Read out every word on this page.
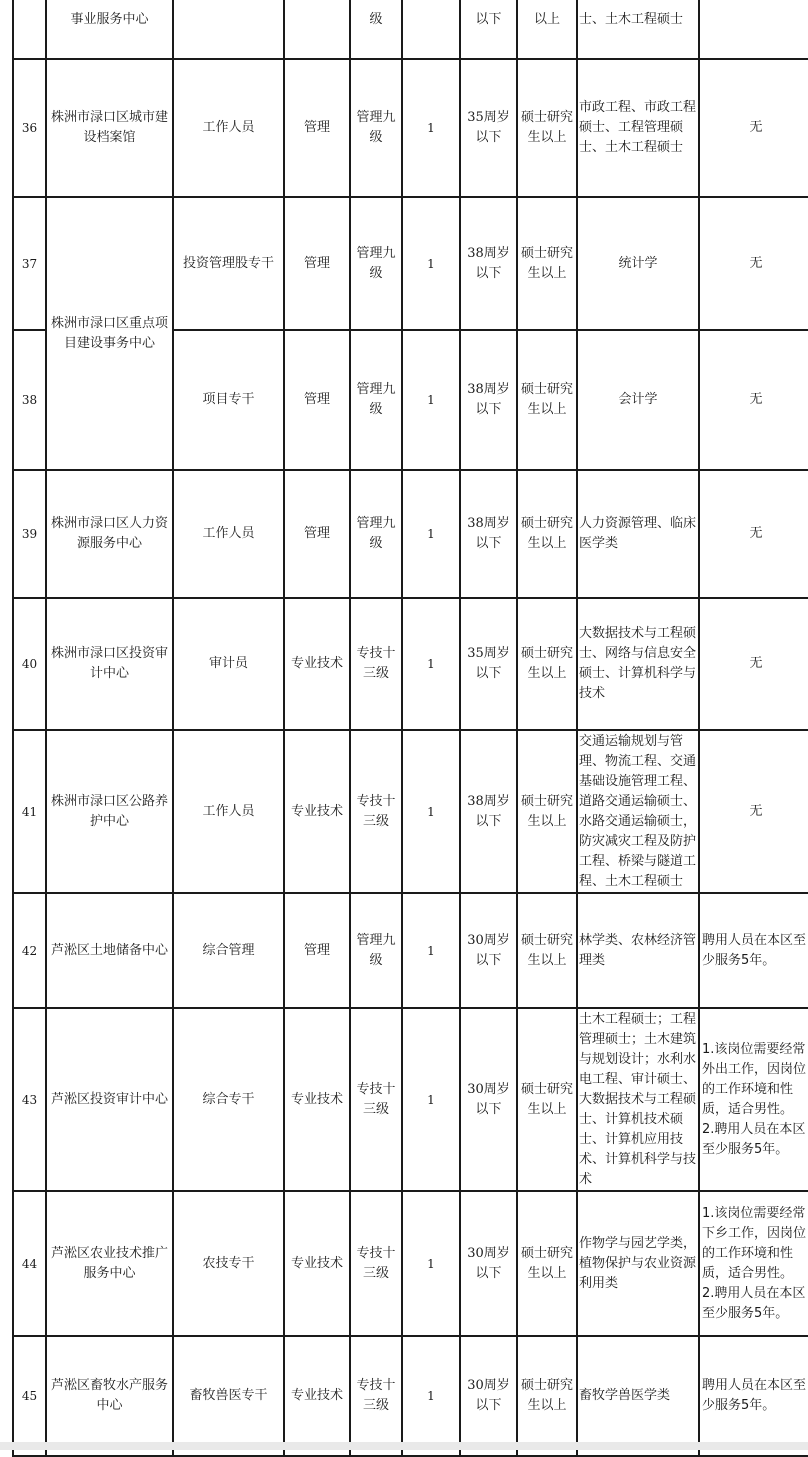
	事业服务中心			级		以下	以上	士、土木工程硕士	
36	株洲市渌口区城市建设档案馆	工作人员	管理	管理九级	1	35周岁以下	硕士研究生以上	市政工程、市政工程硕士、工程管理硕士、土木工程硕士	无
37	株洲市渌口区重点项目建设事务中心	投资管理股专干	管理	管理九级	1	38周岁以下	硕士研究生以上	统计学	无
38		项目专干	管理	管理九级	1	38周岁以下	硕士研究生以上	会计学	无
39	株洲市渌口区人力资源服务中心	工作人员	管理	管理九级	1	38周岁以下	硕士研究生以上	人力资源管理、临床医学类	无
40	株洲市渌口区投资审计中心	审计员	专业技术	专技十三级	1	35周岁以下	硕士研究生以上	大数据技术与工程硕士、网络与信息安全硕士、计算机科学与技术	无
41	株洲市渌口区公路养护中心	工作人员	专业技术	专技十三级	1	38周岁以下	硕士研究生以上	交通运输规划与管理、物流工程、交通基础设施管理工程、道路交通运输硕士、水路交通运输硕士，防灾减灾工程及防护工程、桥梁与隧道工程、土木工程硕士	无
42	芦淞区土地储备中心	综合管理	管理	管理九级	1	30周岁以下	硕士研究生以上	林学类、农林经济管理类	聘用人员在本区至少服务5年。
43	芦淞区投资审计中心	综合专干	专业技术	专技十三级	1	30周岁以下	硕士研究生以上	土木工程硕士；工程管理硕士；土木建筑与规划设计；水利水电工程、审计硕士、大数据技术与工程硕士、计算机技术硕士、计算机应用技术、计算机科学与技术	1.该岗位需要经常外出工作，因岗位的工作环境和性质，适合男性。
2.聘用人员在本区至少服务5年。
44	芦淞区农业技术推广服务中心	农技专干	专业技术	专技十三级	1	30周岁以下	硕士研究生以上	作物学与园艺学类，植物保护与农业资源利用类	1.该岗位需要经常下乡工作，因岗位的工作环境和性质，适合男性。
2.聘用人员在本区至少服务5年。
45	芦淞区畜牧水产服务中心	畜牧兽医专干	专业技术	专技十三级	1	30周岁以下	硕士研究生以上	畜牧学兽医学类	聘用人员在本区至少服务5年。
